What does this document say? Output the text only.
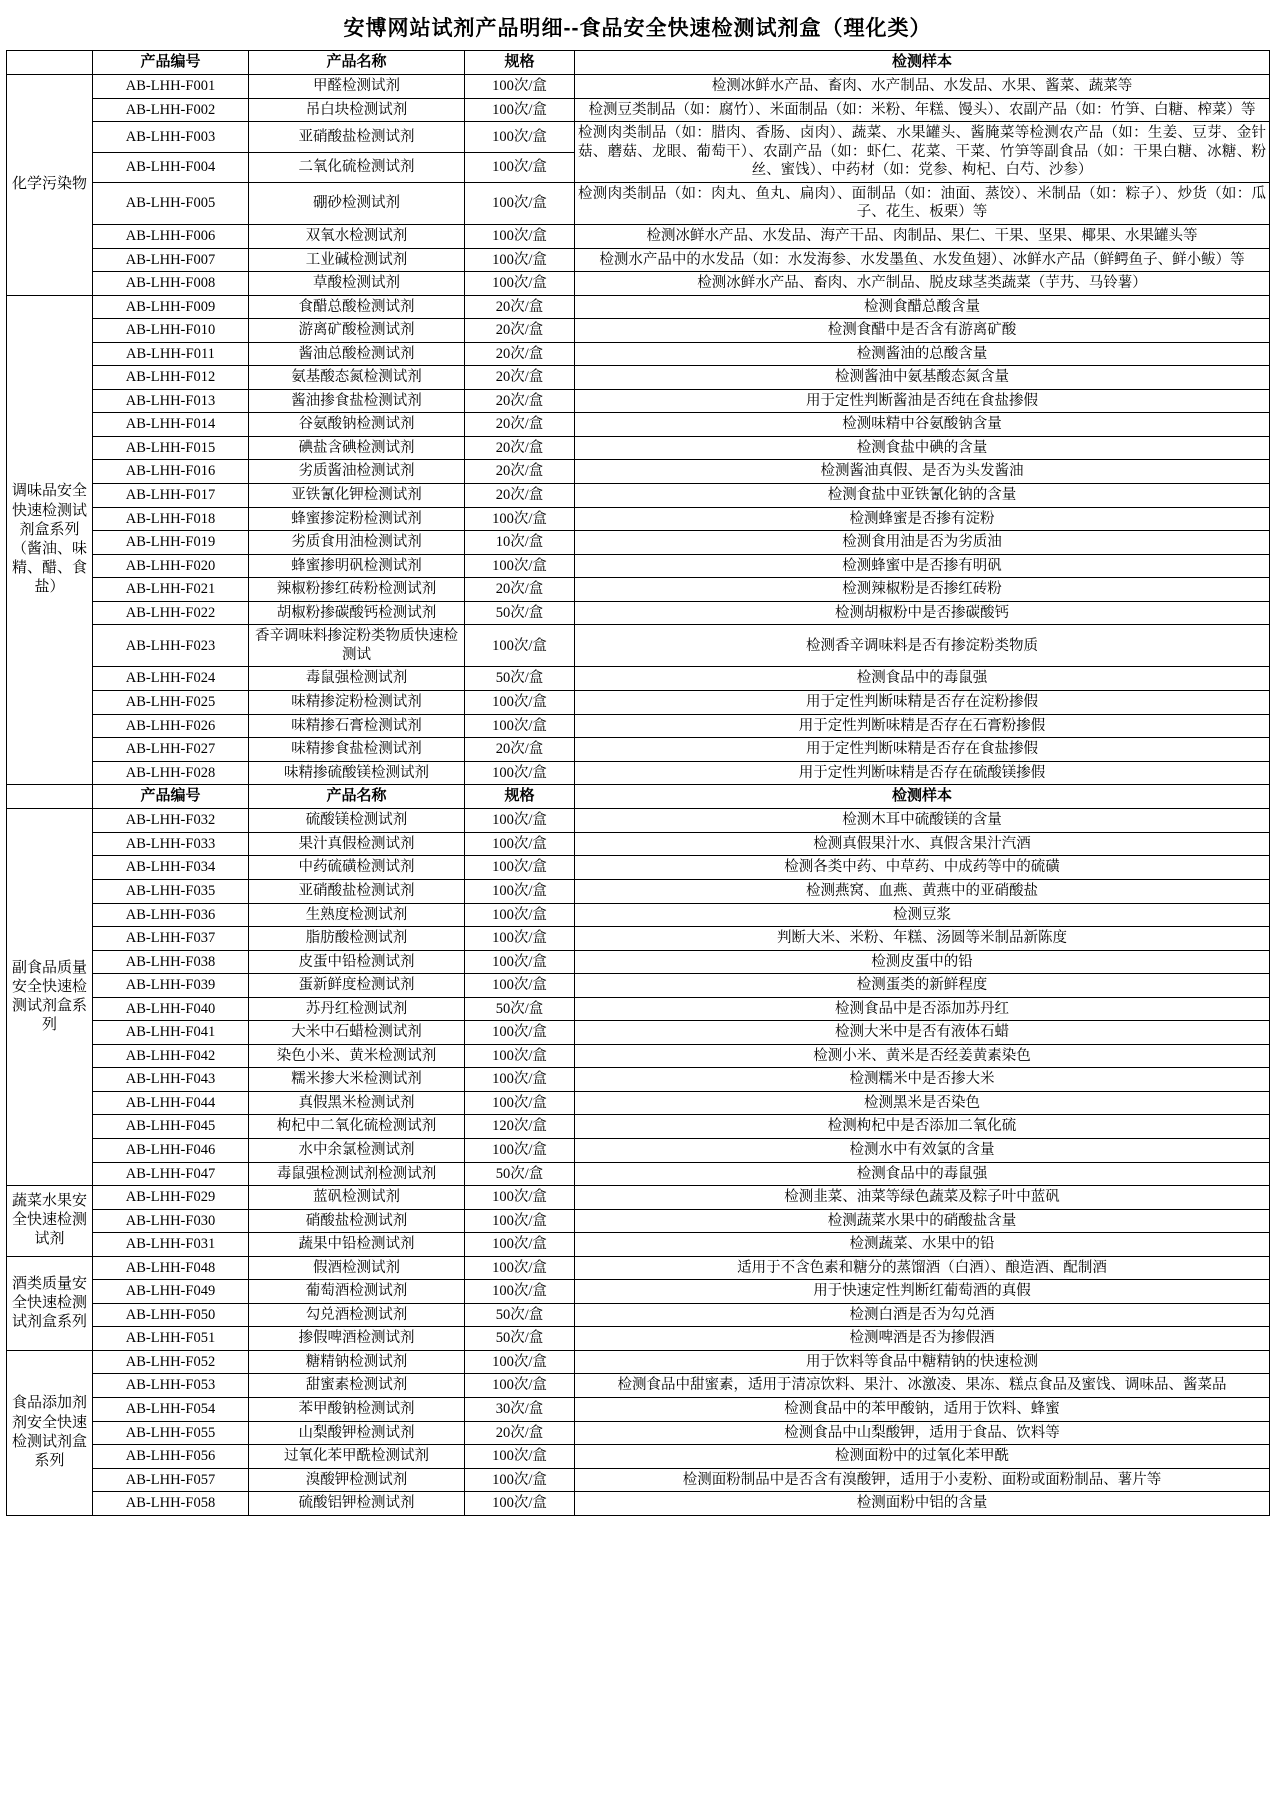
安博网站试剂产品明细--食品安全快速检测试剂盒（理化类）
	产品编号	产品名称	规格	检测样本
化学污染物	AB-LHH-F001	甲醛检测试剂	100次/盒	检测冰鲜水产品、畜肉、水产制品、水发品、水果、酱菜、蔬菜等
	AB-LHH-F002	吊白块检测试剂	100次/盒	检测豆类制品（如：腐竹）、米面制品（如：米粉、年糕、馒头）、农副产品（如：竹笋、白糖、榨菜）等
	AB-LHH-F003	亚硝酸盐检测试剂	100次/盒	检测肉类制品（如：腊肉、香肠、卤肉）、蔬菜、水果罐头、酱腌菜等检测农产品（如：生姜、豆芽、金针菇、蘑菇、龙眼、葡萄干）、农副产品（如：虾仁、花菜、干菜、竹笋等副食品（如：干果白糖、冰糖、粉丝、蜜饯）、中药材（如：党参、枸杞、白芍、沙参）
	AB-LHH-F004	二氧化硫检测试剂	100次/盒	
	AB-LHH-F005	硼砂检测试剂	100次/盒	检测肉类制品（如：肉丸、鱼丸、扁肉）、面制品（如：油面、蒸饺）、米制品（如：粽子）、炒货（如：瓜子、花生、板栗）等
	AB-LHH-F006	双氧水检测试剂	100次/盒	检测冰鲜水产品、水发品、海产干品、肉制品、果仁、干果、坚果、椰果、水果罐头等
	AB-LHH-F007	工业碱检测试剂	100次/盒	检测水产品中的水发品（如：水发海参、水发墨鱼、水发鱼翅）、冰鲜水产品（鲜鳄鱼子、鲜小鲅）等
	AB-LHH-F008	草酸检测试剂	100次/盒	检测冰鲜水产品、畜肉、水产制品、脱皮球茎类蔬菜（芋艿、马铃薯）
调味品安全快速检测试剂盒系列（酱油、味精、醋、食盐）	AB-LHH-F009	食醋总酸检测试剂	20次/盒	检测食醋总酸含量
	AB-LHH-F010	游离矿酸检测试剂	20次/盒	检测食醋中是否含有游离矿酸
	AB-LHH-F011	酱油总酸检测试剂	20次/盒	检测酱油的总酸含量
	AB-LHH-F012	氨基酸态氮检测试剂	20次/盒	检测酱油中氨基酸态氮含量
	AB-LHH-F013	酱油掺食盐检测试剂	20次/盒	用于定性判断酱油是否纯在食盐掺假
	AB-LHH-F014	谷氨酸钠检测试剂	20次/盒	检测味精中谷氨酸钠含量
	AB-LHH-F015	碘盐含碘检测试剂	20次/盒	检测食盐中碘的含量
	AB-LHH-F016	劣质酱油检测试剂	20次/盒	检测酱油真假、是否为头发酱油
	AB-LHH-F017	亚铁氰化钾检测试剂	20次/盒	检测食盐中亚铁氰化钠的含量
	AB-LHH-F018	蜂蜜掺淀粉检测试剂	100次/盒	检测蜂蜜是否掺有淀粉
	AB-LHH-F019	劣质食用油检测试剂	10次/盒	检测食用油是否为劣质油
	AB-LHH-F020	蜂蜜掺明矾检测试剂	100次/盒	检测蜂蜜中是否掺有明矾
	AB-LHH-F021	辣椒粉掺红砖粉检测试剂	20次/盒	检测辣椒粉是否掺红砖粉
	AB-LHH-F022	胡椒粉掺碳酸钙检测试剂	50次/盒	检测胡椒粉中是否掺碳酸钙
	AB-LHH-F023	香辛调味料掺淀粉类物质快速检测试	100次/盒	检测香辛调味料是否有掺淀粉类物质
	AB-LHH-F024	毒鼠强检测试剂	50次/盒	检测食品中的毒鼠强
	AB-LHH-F025	味精掺淀粉检测试剂	100次/盒	用于定性判断味精是否存在淀粉掺假
	AB-LHH-F026	味精掺石膏检测试剂	100次/盒	用于定性判断味精是否存在石膏粉掺假
	AB-LHH-F027	味精掺食盐检测试剂	20次/盒	用于定性判断味精是否存在食盐掺假
	AB-LHH-F028	味精掺硫酸镁检测试剂	100次/盒	用于定性判断味精是否存在硫酸镁掺假
	产品编号	产品名称	规格	检测样本
副食品质量安全快速检测试剂盒系列	AB-LHH-F032	硫酸镁检测试剂	100次/盒	检测木耳中硫酸镁的含量
	AB-LHH-F033	果汁真假检测试剂	100次/盒	检测真假果汁水、真假含果汁汽酒
	AB-LHH-F034	中药硫磺检测试剂	100次/盒	检测各类中药、中草药、中成药等中的硫磺
	AB-LHH-F035	亚硝酸盐检测试剂	100次/盒	检测燕窝、血燕、黄燕中的亚硝酸盐
	AB-LHH-F036	生熟度检测试剂	100次/盒	检测豆浆
	AB-LHH-F037	脂肪酸检测试剂	100次/盒	判断大米、米粉、年糕、汤圆等米制品新陈度
	AB-LHH-F038	皮蛋中铅检测试剂	100次/盒	检测皮蛋中的铅
	AB-LHH-F039	蛋新鲜度检测试剂	100次/盒	检测蛋类的新鲜程度
	AB-LHH-F040	苏丹红检测试剂	50次/盒	检测食品中是否添加苏丹红
	AB-LHH-F041	大米中石蜡检测试剂	100次/盒	检测大米中是否有液体石蜡
	AB-LHH-F042	染色小米、黄米检测试剂	100次/盒	检测小米、黄米是否经姜黄素染色
	AB-LHH-F043	糯米掺大米检测试剂	100次/盒	检测糯米中是否掺大米
	AB-LHH-F044	真假黑米检测试剂	100次/盒	检测黑米是否染色
	AB-LHH-F045	枸杞中二氧化硫检测试剂	120次/盒	检测枸杞中是否添加二氧化硫
	AB-LHH-F046	水中余氯检测试剂	100次/盒	检测水中有效氯的含量
	AB-LHH-F047	毒鼠强检测试剂检测试剂	50次/盒	检测食品中的毒鼠强
蔬菜水果安全快速检测试剂	AB-LHH-F029	蓝矾检测试剂	100次/盒	检测韭菜、油菜等绿色蔬菜及粽子叶中蓝矾
	AB-LHH-F030	硝酸盐检测试剂	100次/盒	检测蔬菜水果中的硝酸盐含量
	AB-LHH-F031	蔬果中铅检测试剂	100次/盒	检测蔬菜、水果中的铅
酒类质量安全快速检测试剂盒系列	AB-LHH-F048	假酒检测试剂	100次/盒	适用于不含色素和糖分的蒸馏酒（白酒）、酿造酒、配制酒
	AB-LHH-F049	葡萄酒检测试剂	100次/盒	用于快速定性判断红葡萄酒的真假
	AB-LHH-F050	勾兑酒检测试剂	50次/盒	检测白酒是否为勾兑酒
	AB-LHH-F051	掺假啤酒检测试剂	50次/盒	检测啤酒是否为掺假酒
食品添加剂剂安全快速检测试剂盒系列	AB-LHH-F052	糖精钠检测试剂	100次/盒	用于饮料等食品中糖精钠的快速检测
	AB-LHH-F053	甜蜜素检测试剂	100次/盒	检测食品中甜蜜素，适用于清凉饮料、果汁、冰激凌、果冻、糕点食品及蜜饯、调味品、酱菜品
	AB-LHH-F054	苯甲酸钠检测试剂	30次/盒	检测食品中的苯甲酸钠，适用于饮料、蜂蜜
	AB-LHH-F055	山梨酸钾检测试剂	20次/盒	检测食品中山梨酸钾，适用于食品、饮料等
	AB-LHH-F056	过氧化苯甲酰检测试剂	100次/盒	检测面粉中的过氧化苯甲酰
	AB-LHH-F057	溴酸钾检测试剂	100次/盒	检测面粉制品中是否含有溴酸钾，适用于小麦粉、面粉或面粉制品、薯片等
	AB-LHH-F058	硫酸铝钾检测试剂	100次/盒	检测面粉中铝的含量
